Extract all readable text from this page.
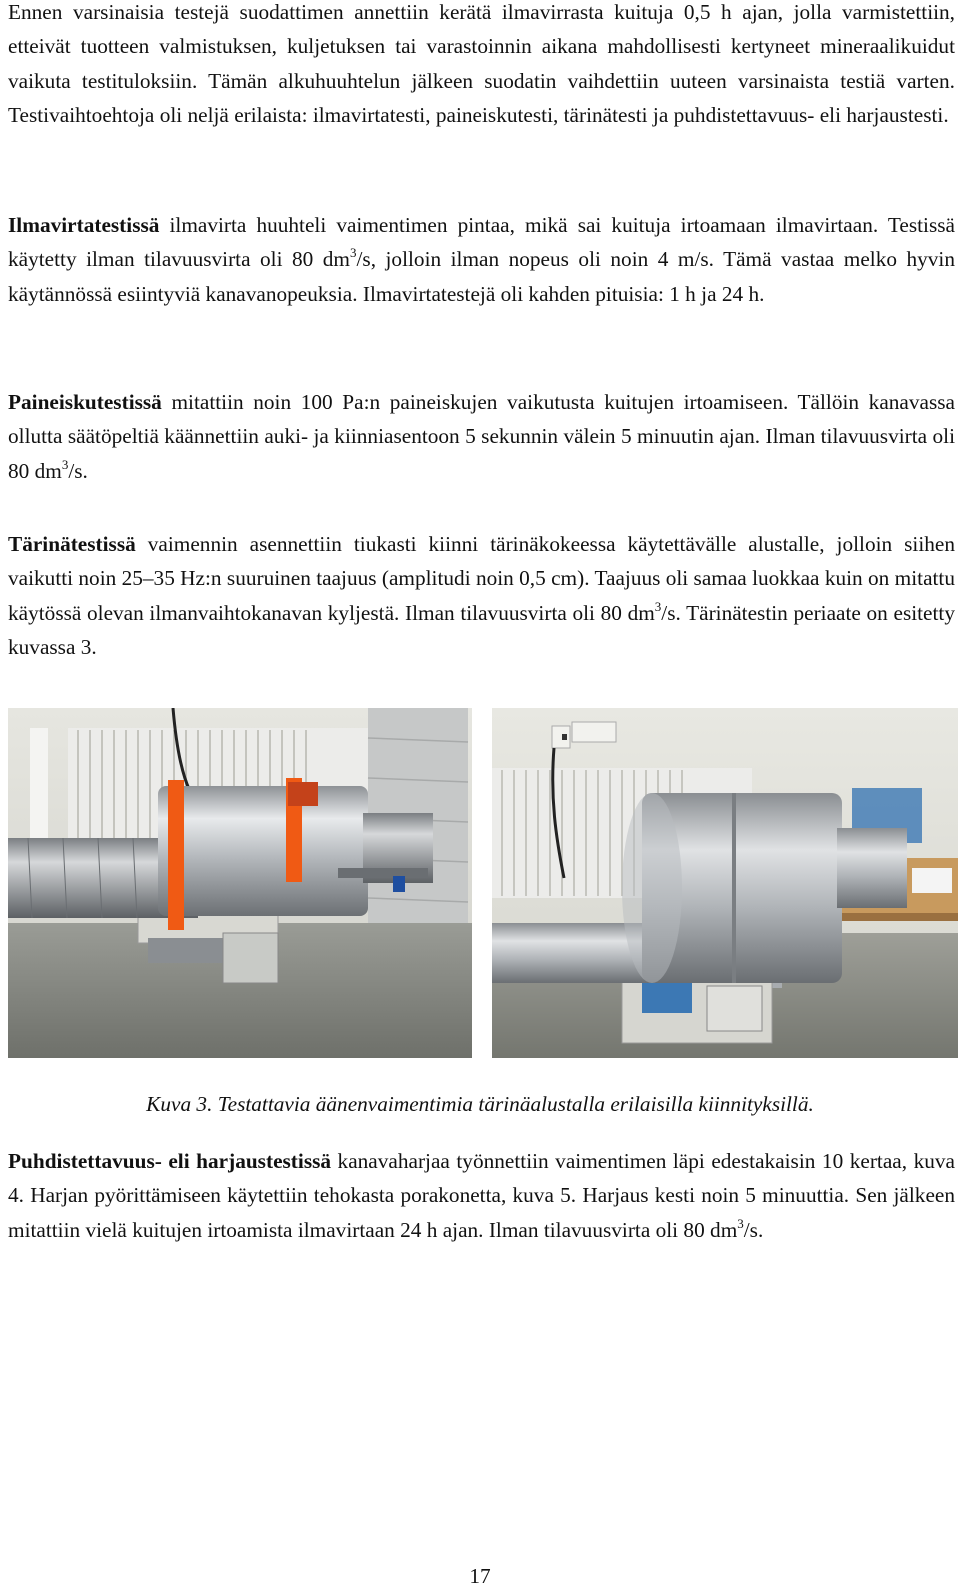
Ennen varsinaisia testejä suodattimen annettiin kerätä ilmavirrasta kuituja 0,5 h ajan, jolla varmistettiin, etteivät tuotteen valmistuksen, kuljetuksen tai varastoinnin aikana mahdollisesti kertyneet mineraalikuidut vaikuta testituloksiin. Tämän alkuhuuhtelun jälkeen suodatin vaihdettiin uuteen varsinaista testiä varten. Testivaihtoehtoja oli neljä erilaista: ilmavirtatesti, paineiskutesti, tärinätesti ja puhdistettavuus- eli harjaustesti.

Ilmavirtatestissä ilmavirta huuhteli vaimentimen pintaa, mikä sai kuituja irtoamaan ilmavirtaan. Testissä käytetty ilman tilavuusvirta oli 80 $dm^3/s$, jolloin ilman nopeus oli noin 4 m/s. Tämä vastaa melko hyvin käytännössä esiintyviä kanavanopeuksia. Ilmavirtatestejä oli kahden pituisia: 1 h ja 24 h.

Paineiskutestissä mitattiin noin 100 Pa:n paineiskujen vaikutusta kuitujen irtoamiseen. Tällöin kanavassa ollutta säätöpeltiä käännettiin auki- ja kiinniasentoon 5 sekunnin välein 5 minuutin ajan. Ilman tilavuusvirta oli 80 $dm^3/s$.

Tärinätestissä vaimennin asennettiin tiukasti kiinni tärinäkokeessa käytettävälle alustalle, jolloin siihen vaikutti noin 25–35 Hz:n suuruinen taajuus (amplitudi noin 0,5 cm). Taajuus oli samaa luokkaa kuin on mitattu käytössä olevan ilmanvaihtokanavan kyljestä. Ilman tilavuusvirta oli 80 $dm^3/s$. Tärinätestin periaate on esitetty kuvassa 3.

Kuva 3. Testattavia äänenvaimentimia tärinäalustalla erilaisilla kiinnityksillä.

Puhdistettavuus- eli harjaustestissä kanavaharjaa työnnettiin vaimentimen läpi edestakaisin 10 kertaa, kuva 4. Harjan pyörittämiseen käytettiin tehokasta porakonetta, kuva 5. Harjaus kesti noin 5 minuuttia. Sen jälkeen mitattiin vielä kuitujen irtoamista ilmavirtaan 24 h ajan. Ilman tilavuusvirta oli 80 $dm^3/s$.

17
